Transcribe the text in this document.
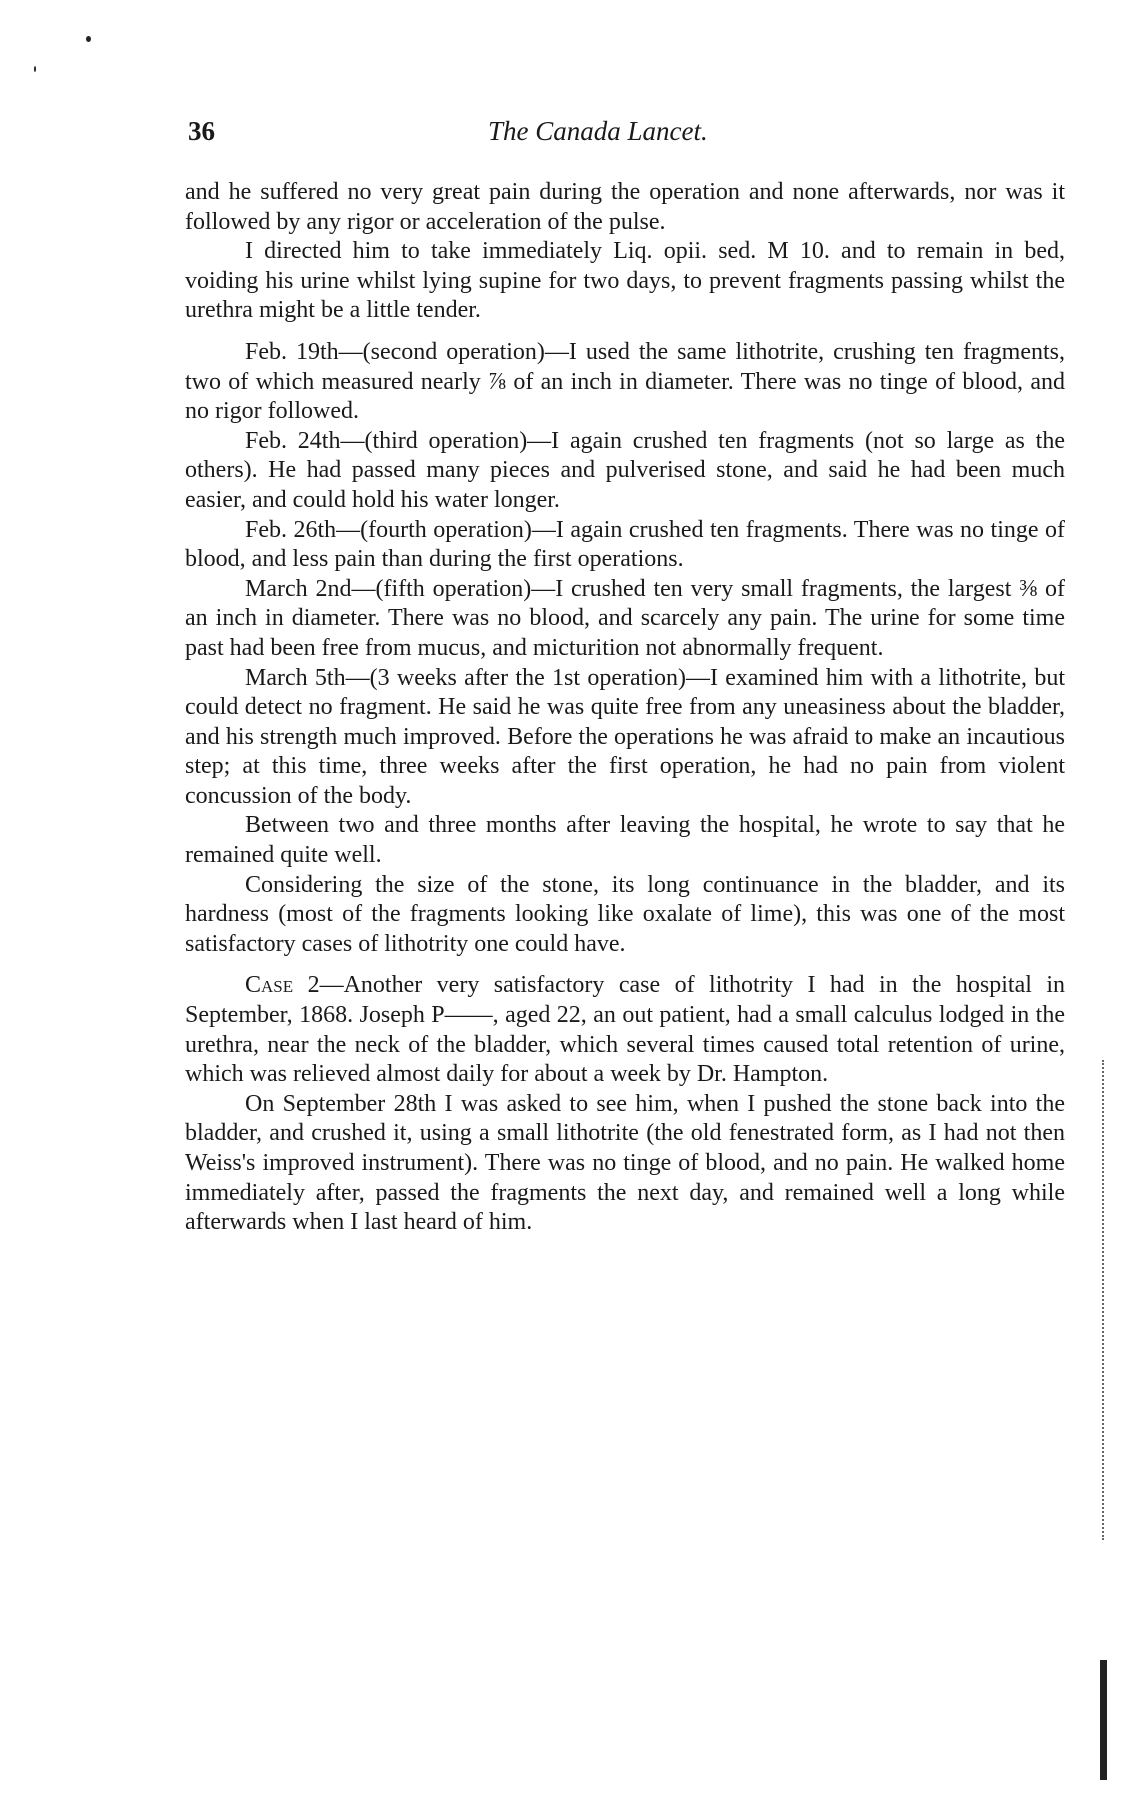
36	The Canada Lancet.

and he suffered no very great pain during the operation and none afterwards, nor was it followed by any rigor or acceleration of the pulse.

I directed him to take immediately Liq. opii. sed. M 10. and to remain in bed, voiding his urine whilst lying supine for two days, to prevent fragments passing whilst the urethra might be a little tender.

Feb. 19th—(second operation)—I used the same lithotrite, crushing ten fragments, two of which measured nearly ⅞ of an inch in diameter. There was no tinge of blood, and no rigor followed.

Feb. 24th—(third operation)—I again crushed ten fragments (not so large as the others). He had passed many pieces and pulverised stone, and said he had been much easier, and could hold his water longer.

Feb. 26th—(fourth operation)—I again crushed ten fragments. There was no tinge of blood, and less pain than during the first operations.

March 2nd—(fifth operation)—I crushed ten very small fragments, the largest ⅜ of an inch in diameter. There was no blood, and scarcely any pain. The urine for some time past had been free from mucus, and micturition not abnormally frequent.

March 5th—(3 weeks after the 1st operation)—I examined him with a lithotrite, but could detect no fragment. He said he was quite free from any uneasiness about the bladder, and his strength much improved. Before the operations he was afraid to make an incautious step; at this time, three weeks after the first operation, he had no pain from violent concussion of the body.

Between two and three months after leaving the hospital, he wrote to say that he remained quite well.

Considering the size of the stone, its long continuance in the bladder, and its hardness (most of the fragments looking like oxalate of lime), this was one of the most satisfactory cases of lithotrity one could have.

Case 2—Another very satisfactory case of lithotrity I had in the hospital in September, 1868. Joseph P——, aged 22, an out patient, had a small calculus lodged in the urethra, near the neck of the bladder, which several times caused total retention of urine, which was relieved almost daily for about a week by Dr. Hampton.

On September 28th I was asked to see him, when I pushed the stone back into the bladder, and crushed it, using a small lithotrite (the old fenestrated form, as I had not then Weiss's improved instrument). There was no tinge of blood, and no pain. He walked home immediately after, passed the fragments the next day, and remained well a long while afterwards when I last heard of him.
